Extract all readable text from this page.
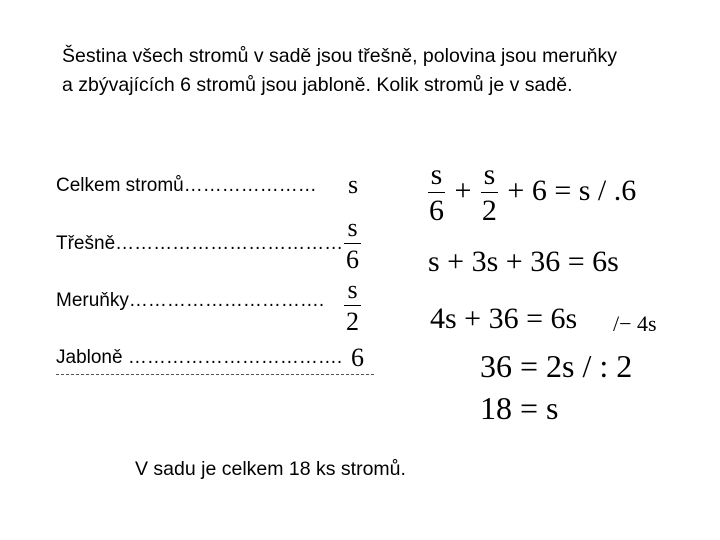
Šestina všech stromů v sadě jsou třešně, polovina jsou meruňky a zbývajících 6 stromů jsou jabloně. Kolik stromů je v sadě.
Celkem stromů…………………
Třešně………………………………
Meruňky………………………….
Jabloně …………………………….
s
$\frac{s}{6}$
$\frac{s}{2}$
6
$\frac{s}{6} + \frac{s}{2} + 6 = s / .6$
s + 3s + 36 = 6s
4s + 36 = 6s /− 4s
36 = 2s / : 2
18 = s
V sadu je celkem 18 ks stromů.
